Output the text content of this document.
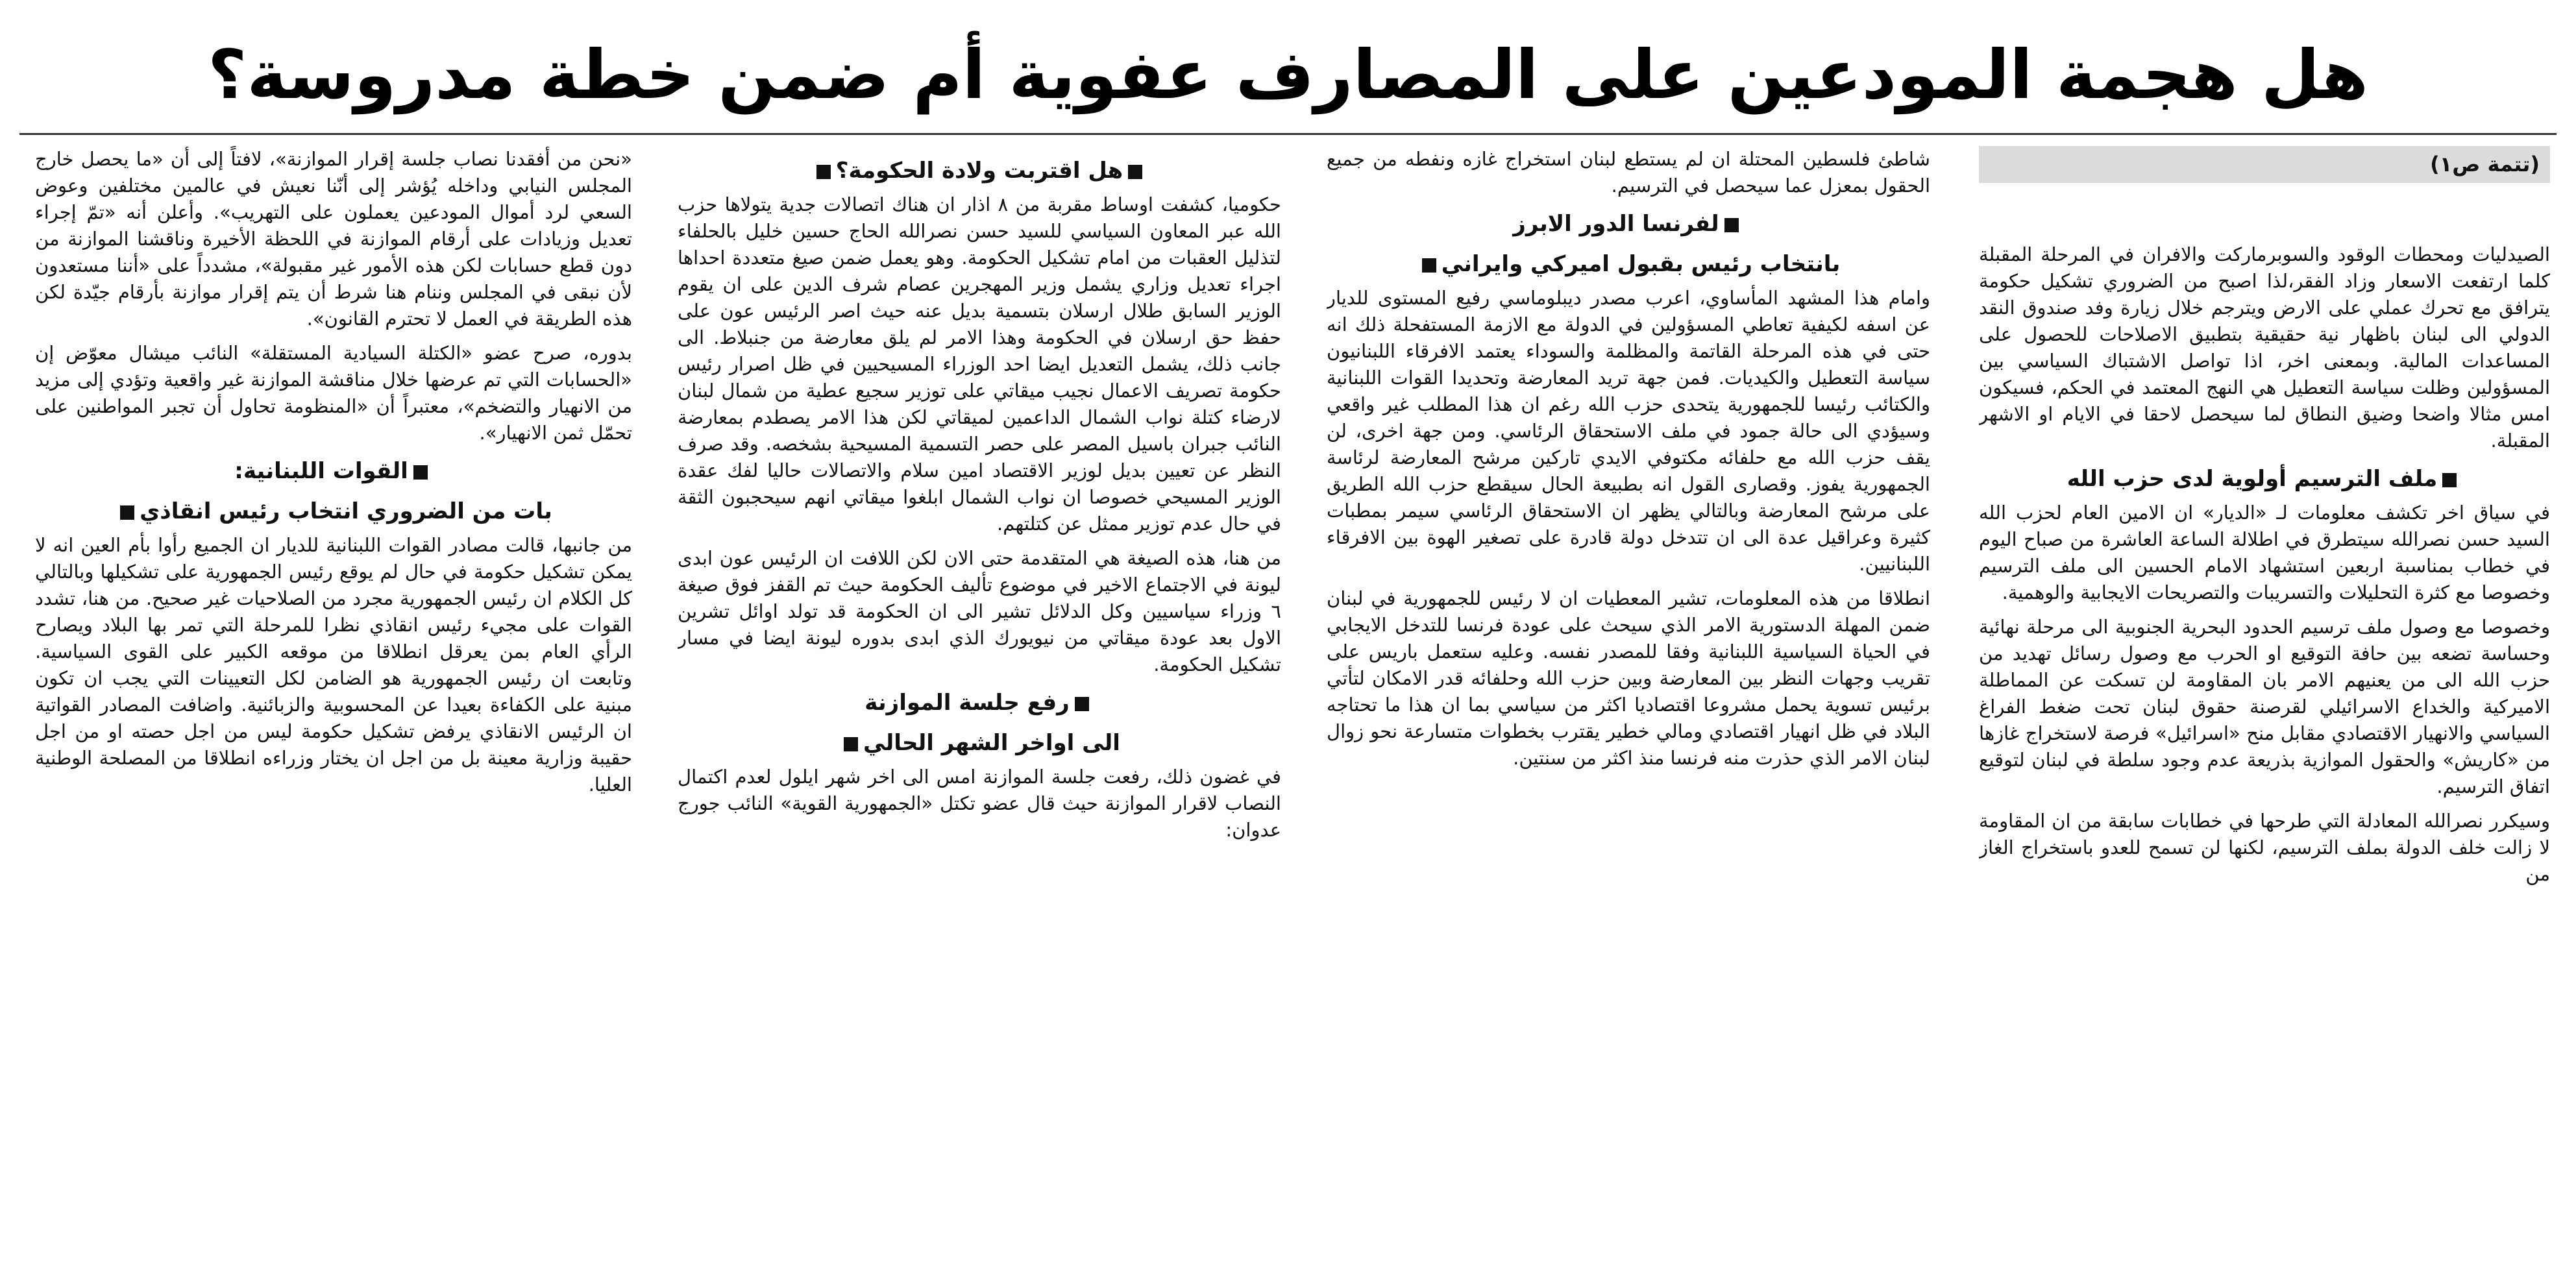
هل هجمة المودعين على المصارف عفوية أم ضمن خطة مدروسة؟
(تتمة ص١)

الصيدليات ومحطات الوقود والسوبرماركت والافران في المرحلة المقبلة كلما ارتفعت الاسعار وزاد الفقر،لذا اصبح من الضروري تشكيل حكومة يترافق مع تحرك عملي على الارض ويترجم خلال زيارة وفد صندوق النقد الدولي الى لبنان باظهار نية حقيقية بتطبيق الاصلاحات للحصول على المساعدات المالية. وبمعنى اخر، اذا تواصل الاشتباك السياسي بين المسؤولين وظلت سياسة التعطيل هي النهج المعتمد في الحكم، فسيكون امس مثالا واضحا وضيق النطاق لما سيحصل لاحقا في الايام او الاشهر المقبلة.

ملف الترسيم أولوية لدى حزب الله

في سياق اخر تكشف معلومات لـ «الديار» ان الامين العام لحزب الله السيد حسن نصرالله سيتطرق في اطلالة الساعة العاشرة من صباح اليوم في خطاب بمناسبة اربعين استشهاد الامام الحسين الى ملف الترسيم وخصوصا مع كثرة التحليلات والتسريبات والتصريحات الايجابية والوهمية.

وخصوصا مع وصول ملف ترسيم الحدود البحرية الجنوبية الى مرحلة نهائية وحساسة تضعه بين حافة التوقيع او الحرب مع وصول رسائل تهديد من حزب الله الى من يعنيهم الامر بان المقاومة لن تسكت عن المماطلة الاميركية والخداع الاسرائيلي لقرصنة حقوق لبنان تحت ضغط الفراغ السياسي والانهيار الاقتصادي مقابل منح «اسرائيل» فرصة لاستخراج غازها من «كاريش» والحقول الموازية بذريعة عدم وجود سلطة في لبنان لتوقيع اتفاق الترسيم.

وسيكرر نصرالله المعادلة التي طرحها في خطابات سابقة من ان المقاومة لا زالت خلف الدولة بملف الترسيم، لكنها لن تسمح للعدو باستخراج الغاز من

شاطئ فلسطين المحتلة ان لم يستطع لبنان استخراج غازه ونفطه من جميع الحقول بمعزل عما سيحصل في الترسيم.

لفرنسا الدور الابرز
بانتخاب رئيس بقبول اميركي وايراني

وامام هذا المشهد المأساوي، اعرب مصدر ديبلوماسي رفيع المستوى للديار عن اسفه لكيفية تعاطي المسؤولين في الدولة مع الازمة المستفحلة ذلك انه حتى في هذه المرحلة القاتمة والمظلمة والسوداء يعتمد الافرقاء اللبنانيون سياسة التعطيل والكيديات. فمن جهة تريد المعارضة وتحديدا القوات اللبنانية والكتائب رئيسا للجمهورية يتحدى حزب الله رغم ان هذا المطلب غير واقعي وسيؤدي الى حالة جمود في ملف الاستحقاق الرئاسي. ومن جهة اخرى، لن يقف حزب الله مع حلفائه مكتوفي الايدي تاركين مرشح المعارضة لرئاسة الجمهورية يفوز. وقصارى القول انه بطبيعة الحال سيقطع حزب الله الطريق على مرشح المعارضة وبالتالي يظهر ان الاستحقاق الرئاسي سيمر بمطبات كثيرة وعراقيل عدة الى ان تتدخل دولة قادرة على تصغير الهوة بين الافرقاء اللبنانيين.

انطلاقا من هذه المعلومات، تشير المعطيات ان لا رئيس للجمهورية في لبنان ضمن المهلة الدستورية الامر الذي سيحث على عودة فرنسا للتدخل الايجابي في الحياة السياسية اللبنانية وفقا للمصدر نفسه. وعليه ستعمل باريس على تقريب وجهات النظر بين المعارضة وبين حزب الله وحلفائه قدر الامكان لتأتي برئيس تسوية يحمل مشروعا اقتصاديا اكثر من سياسي بما ان هذا ما تحتاجه البلاد في ظل انهيار اقتصادي ومالي خطير يقترب بخطوات متسارعة نحو زوال لبنان الامر الذي حذرت منه فرنسا منذ اكثر من سنتين.

هل اقتربت ولادة الحكومة؟

حكوميا، كشفت اوساط مقربة من ٨ اذار ان هناك اتصالات جدية يتولاها حزب الله عبر المعاون السياسي للسيد حسن نصرالله الحاج حسين خليل بالحلفاء لتذليل العقبات من امام تشكيل الحكومة. وهو يعمل ضمن صيغ متعددة احداها اجراء تعديل وزاري يشمل وزير المهجرين عصام شرف الدين على ان يقوم الوزير السابق طلال ارسلان بتسمية بديل عنه حيث اصر الرئيس عون على حفظ حق ارسلان في الحكومة وهذا الامر لم يلق معارضة من جنبلاط. الى جانب ذلك، يشمل التعديل ايضا احد الوزراء المسيحيين في ظل اصرار رئيس حكومة تصريف الاعمال نجيب ميقاتي على توزير سجيع عطية من شمال لبنان لارضاء كتلة نواب الشمال الداعمين لميقاتي لكن هذا الامر يصطدم بمعارضة النائب جبران باسيل المصر على حصر التسمية المسيحية بشخصه. وقد صرف النظر عن تعيين بديل لوزير الاقتصاد امين سلام والاتصالات حاليا لفك عقدة الوزير المسيحي خصوصا ان نواب الشمال ابلغوا ميقاتي انهم سيحجبون الثقة في حال عدم توزير ممثل عن كتلتهم.

من هنا، هذه الصيغة هي المتقدمة حتى الان لكن اللافت ان الرئيس عون ابدى ليونة في الاجتماع الاخير في موضوع تأليف الحكومة حيث تم القفز فوق صيغة ٦ وزراء سياسيين وكل الدلائل تشير الى ان الحكومة قد تولد اوائل تشرين الاول بعد عودة ميقاتي من نيويورك الذي ابدى بدوره ليونة ايضا في مسار تشكيل الحكومة.

رفع جلسة الموازنة
الى اواخر الشهر الحالي

في غضون ذلك، رفعت جلسة الموازنة امس الى اخر شهر ايلول لعدم اكتمال النصاب لاقرار الموازنة حيث قال عضو تكتل «الجمهورية القوية» النائب جورج عدوان:

«نحن من أفقدنا نصاب جلسة إقرار الموازنة»، لافتاً إلى أن «ما يحصل خارج المجلس النيابي وداخله يُؤشر إلى أنّنا نعيش في عالمين مختلفين وعوض السعي لرد أموال المودعين يعملون على التهريب». وأعلن أنه «تمّ إجراء تعديل وزيادات على أرقام الموازنة في اللحظة الأخيرة وناقشنا الموازنة من دون قطع حسابات لكن هذه الأمور غير مقبولة»، مشدداً على «أننا مستعدون لأن نبقى في المجلس وننام هنا شرط أن يتم إقرار موازنة بأرقام جيّدة لكن هذه الطريقة في العمل لا تحترم القانون».

بدوره، صرح عضو «الكتلة السيادية المستقلة» النائب ميشال معوّض إن «الحسابات التي تم عرضها خلال مناقشة الموازنة غير واقعية وتؤدي إلى مزيد من الانهيار والتضخم»، معتبراً أن «المنظومة تحاول أن تجبر المواطنين على تحمّل ثمن الانهيار».

القوات اللبنانية:
بات من الضروري انتخاب رئيس انقاذي

من جانبها، قالت مصادر القوات اللبنانية للديار ان الجميع رأوا بأم العين انه لا يمكن تشكيل حكومة في حال لم يوقع رئيس الجمهورية على تشكيلها وبالتالي كل الكلام ان رئيس الجمهورية مجرد من الصلاحيات غير صحيح. من هنا، تشدد القوات على مجيء رئيس انقاذي نظرا للمرحلة التي تمر بها البلاد ويصارح الرأي العام بمن يعرقل انطلاقا من موقعه الكبير على القوى السياسية. وتابعت ان رئيس الجمهورية هو الضامن لكل التعيينات التي يجب ان تكون مبنية على الكفاءة بعيدا عن المحسوبية والزبائنية. واضافت المصادر القواتية ان الرئيس الانقاذي يرفض تشكيل حكومة ليس من اجل حصته او من اجل حقيبة وزارية معينة بل من اجل ان يختار وزراءه انطلاقا من المصلحة الوطنية العليا.
